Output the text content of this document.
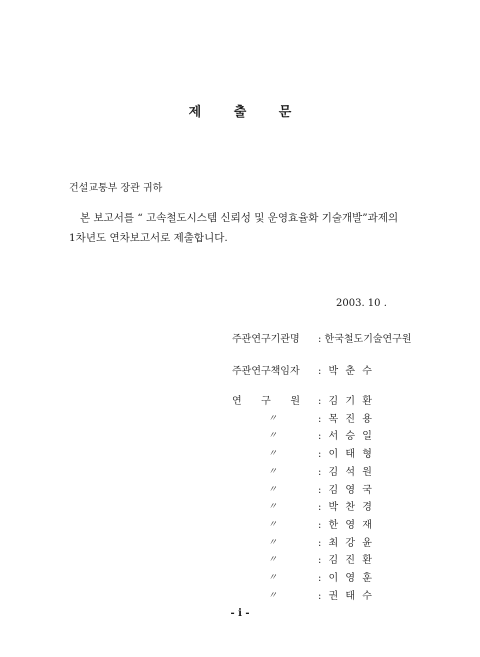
제 출 문
건설교통부 장관 귀하
본 보고서를 “ 고속철도시스템 신뢰성 및 운영효율화 기술개발”과제의
1차년도 연차보고서로 제출합니다.
2003. 10 .
주관연구기관명 : 한국철도기술연구원
주관연구책임자 : 박 춘 수
연 구 원 : 김 기 환
〃	: 목 진 용
〃	: 서 승 일
〃	: 이 태 형
〃	: 김 석 원
〃	: 김 영 국
〃	: 박 찬 경
〃	: 한 영 재
〃	: 최 강 윤
〃	: 김 진 환
〃	: 이 영 훈
〃	: 권 태 수
- i -
